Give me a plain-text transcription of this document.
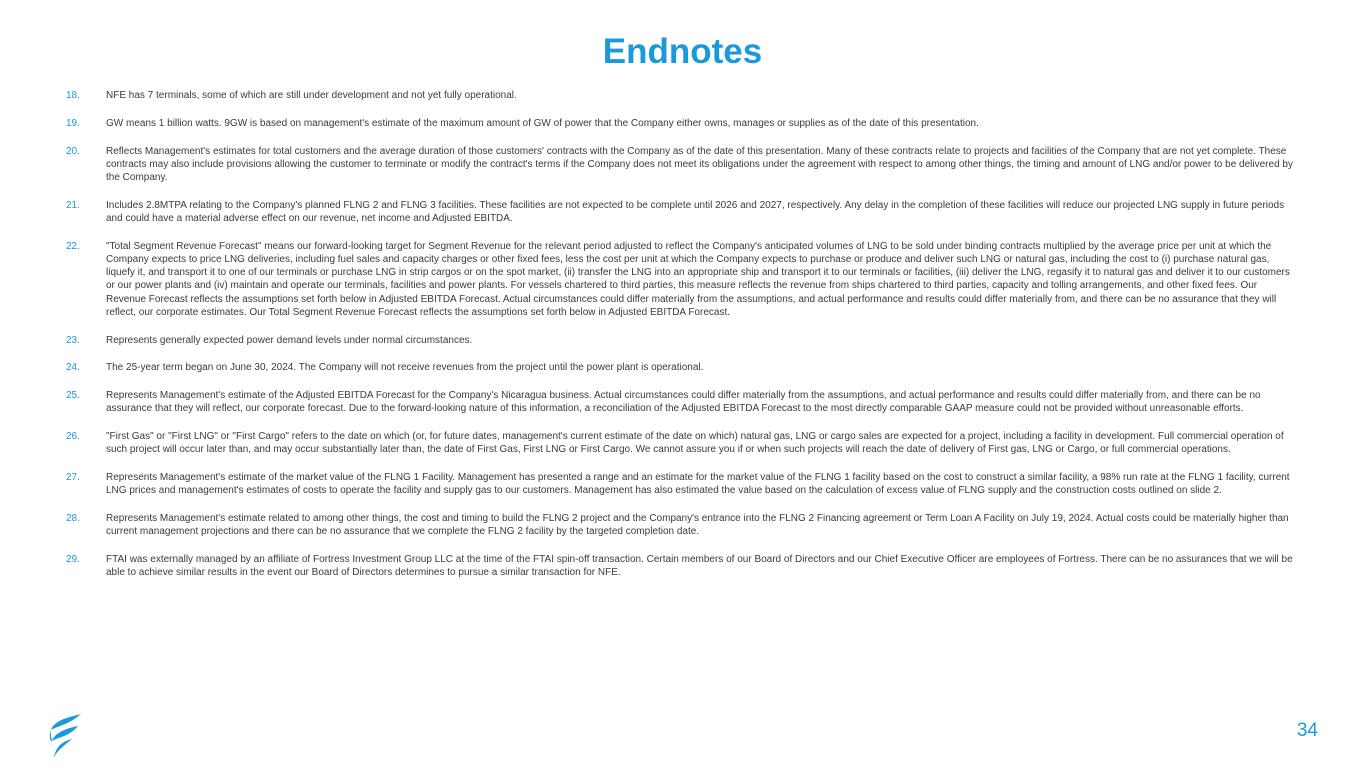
Endnotes
18.	NFE has 7 terminals, some of which are still under development and not yet fully operational.
19.	GW means 1 billion watts. 9GW is based on management's estimate of the maximum amount of GW of power that the Company either owns, manages or supplies as of the date of this presentation.
20.	Reflects Management's estimates for total customers and the average duration of those customers' contracts with the Company as of the date of this presentation. Many of these contracts relate to projects and facilities of the Company that are not yet complete. These contracts may also include provisions allowing the customer to terminate or modify the contract's terms if the Company does not meet its obligations under the agreement with respect to among other things, the timing and amount of LNG and/or power to be delivered by the Company.
21.	Includes 2.8MTPA relating to the Company's planned FLNG 2 and FLNG 3 facilities. These facilities are not expected to be complete until 2026 and 2027, respectively. Any delay in the completion of these facilities will reduce our projected LNG supply in future periods and could have a material adverse effect on our revenue, net income and Adjusted EBITDA.
22.	"Total Segment Revenue Forecast" means our forward-looking target for Segment Revenue for the relevant period adjusted to reflect the Company's anticipated volumes of LNG to be sold under binding contracts multiplied by the average price per unit at which the Company expects to price LNG deliveries, including fuel sales and capacity charges or other fixed fees, less the cost per unit at which the Company expects to purchase or produce and deliver such LNG or natural gas, including the cost to (i) purchase natural gas, liquefy it, and transport it to one of our terminals or purchase LNG in strip cargos or on the spot market, (ii) transfer the LNG into an appropriate ship and transport it to our terminals or facilities, (iii) deliver the LNG, regasify it to natural gas and deliver it to our customers or our power plants and (iv) maintain and operate our terminals, facilities and power plants. For vessels chartered to third parties, this measure reflects the revenue from ships chartered to third parties, capacity and tolling arrangements, and other fixed fees. Our Revenue Forecast reflects the assumptions set forth below in Adjusted EBITDA Forecast. Actual circumstances could differ materially from the assumptions, and actual performance and results could differ materially from, and there can be no assurance that they will reflect, our corporate estimates. Our Total Segment Revenue Forecast reflects the assumptions set forth below in Adjusted EBITDA Forecast.
23.	Represents generally expected power demand levels under normal circumstances.
24.	The 25-year term began on June 30, 2024. The Company will not receive revenues from the project until the power plant is operational.
25.	Represents Management's estimate of the Adjusted EBITDA Forecast for the Company's Nicaragua business. Actual circumstances could differ materially from the assumptions, and actual performance and results could differ materially from, and there can be no assurance that they will reflect, our corporate forecast. Due to the forward-looking nature of this information, a reconciliation of the Adjusted EBITDA Forecast to the most directly comparable GAAP measure could not be provided without unreasonable efforts.
26.	"First Gas" or "First LNG" or "First Cargo" refers to the date on which (or, for future dates, management's current estimate of the date on which) natural gas, LNG or cargo sales are expected for a project, including a facility in development. Full commercial operation of such project will occur later than, and may occur substantially later than, the date of First Gas, First LNG or First Cargo. We cannot assure you if or when such projects will reach the date of delivery of First gas, LNG or Cargo, or full commercial operations.
27.	Represents Management's estimate of the market value of the FLNG 1 Facility. Management has presented a range and an estimate for the market value of the FLNG 1 facility based on the cost to construct a similar facility, a 98% run rate at the FLNG 1 facility, current LNG prices and management's estimates of costs to operate the facility and supply gas to our customers. Management has also estimated the value based on the calculation of excess value of FLNG supply and the construction costs outlined on slide 2.
28.	Represents Management's estimate related to among other things, the cost and timing to build the FLNG 2 project and the Company's entrance into the FLNG 2 Financing agreement or Term Loan A Facility on July 19, 2024. Actual costs could be materially higher than current management projections and there can be no assurance that we complete the FLNG 2 facility by the targeted completion date.
29.	FTAI was externally managed by an affiliate of Fortress Investment Group LLC at the time of the FTAI spin-off transaction. Certain members of our Board of Directors and our Chief Executive Officer are employees of Fortress. There can be no assurances that we will be able to achieve similar results in the event our Board of Directors determines to pursue a similar transaction for NFE.
34
